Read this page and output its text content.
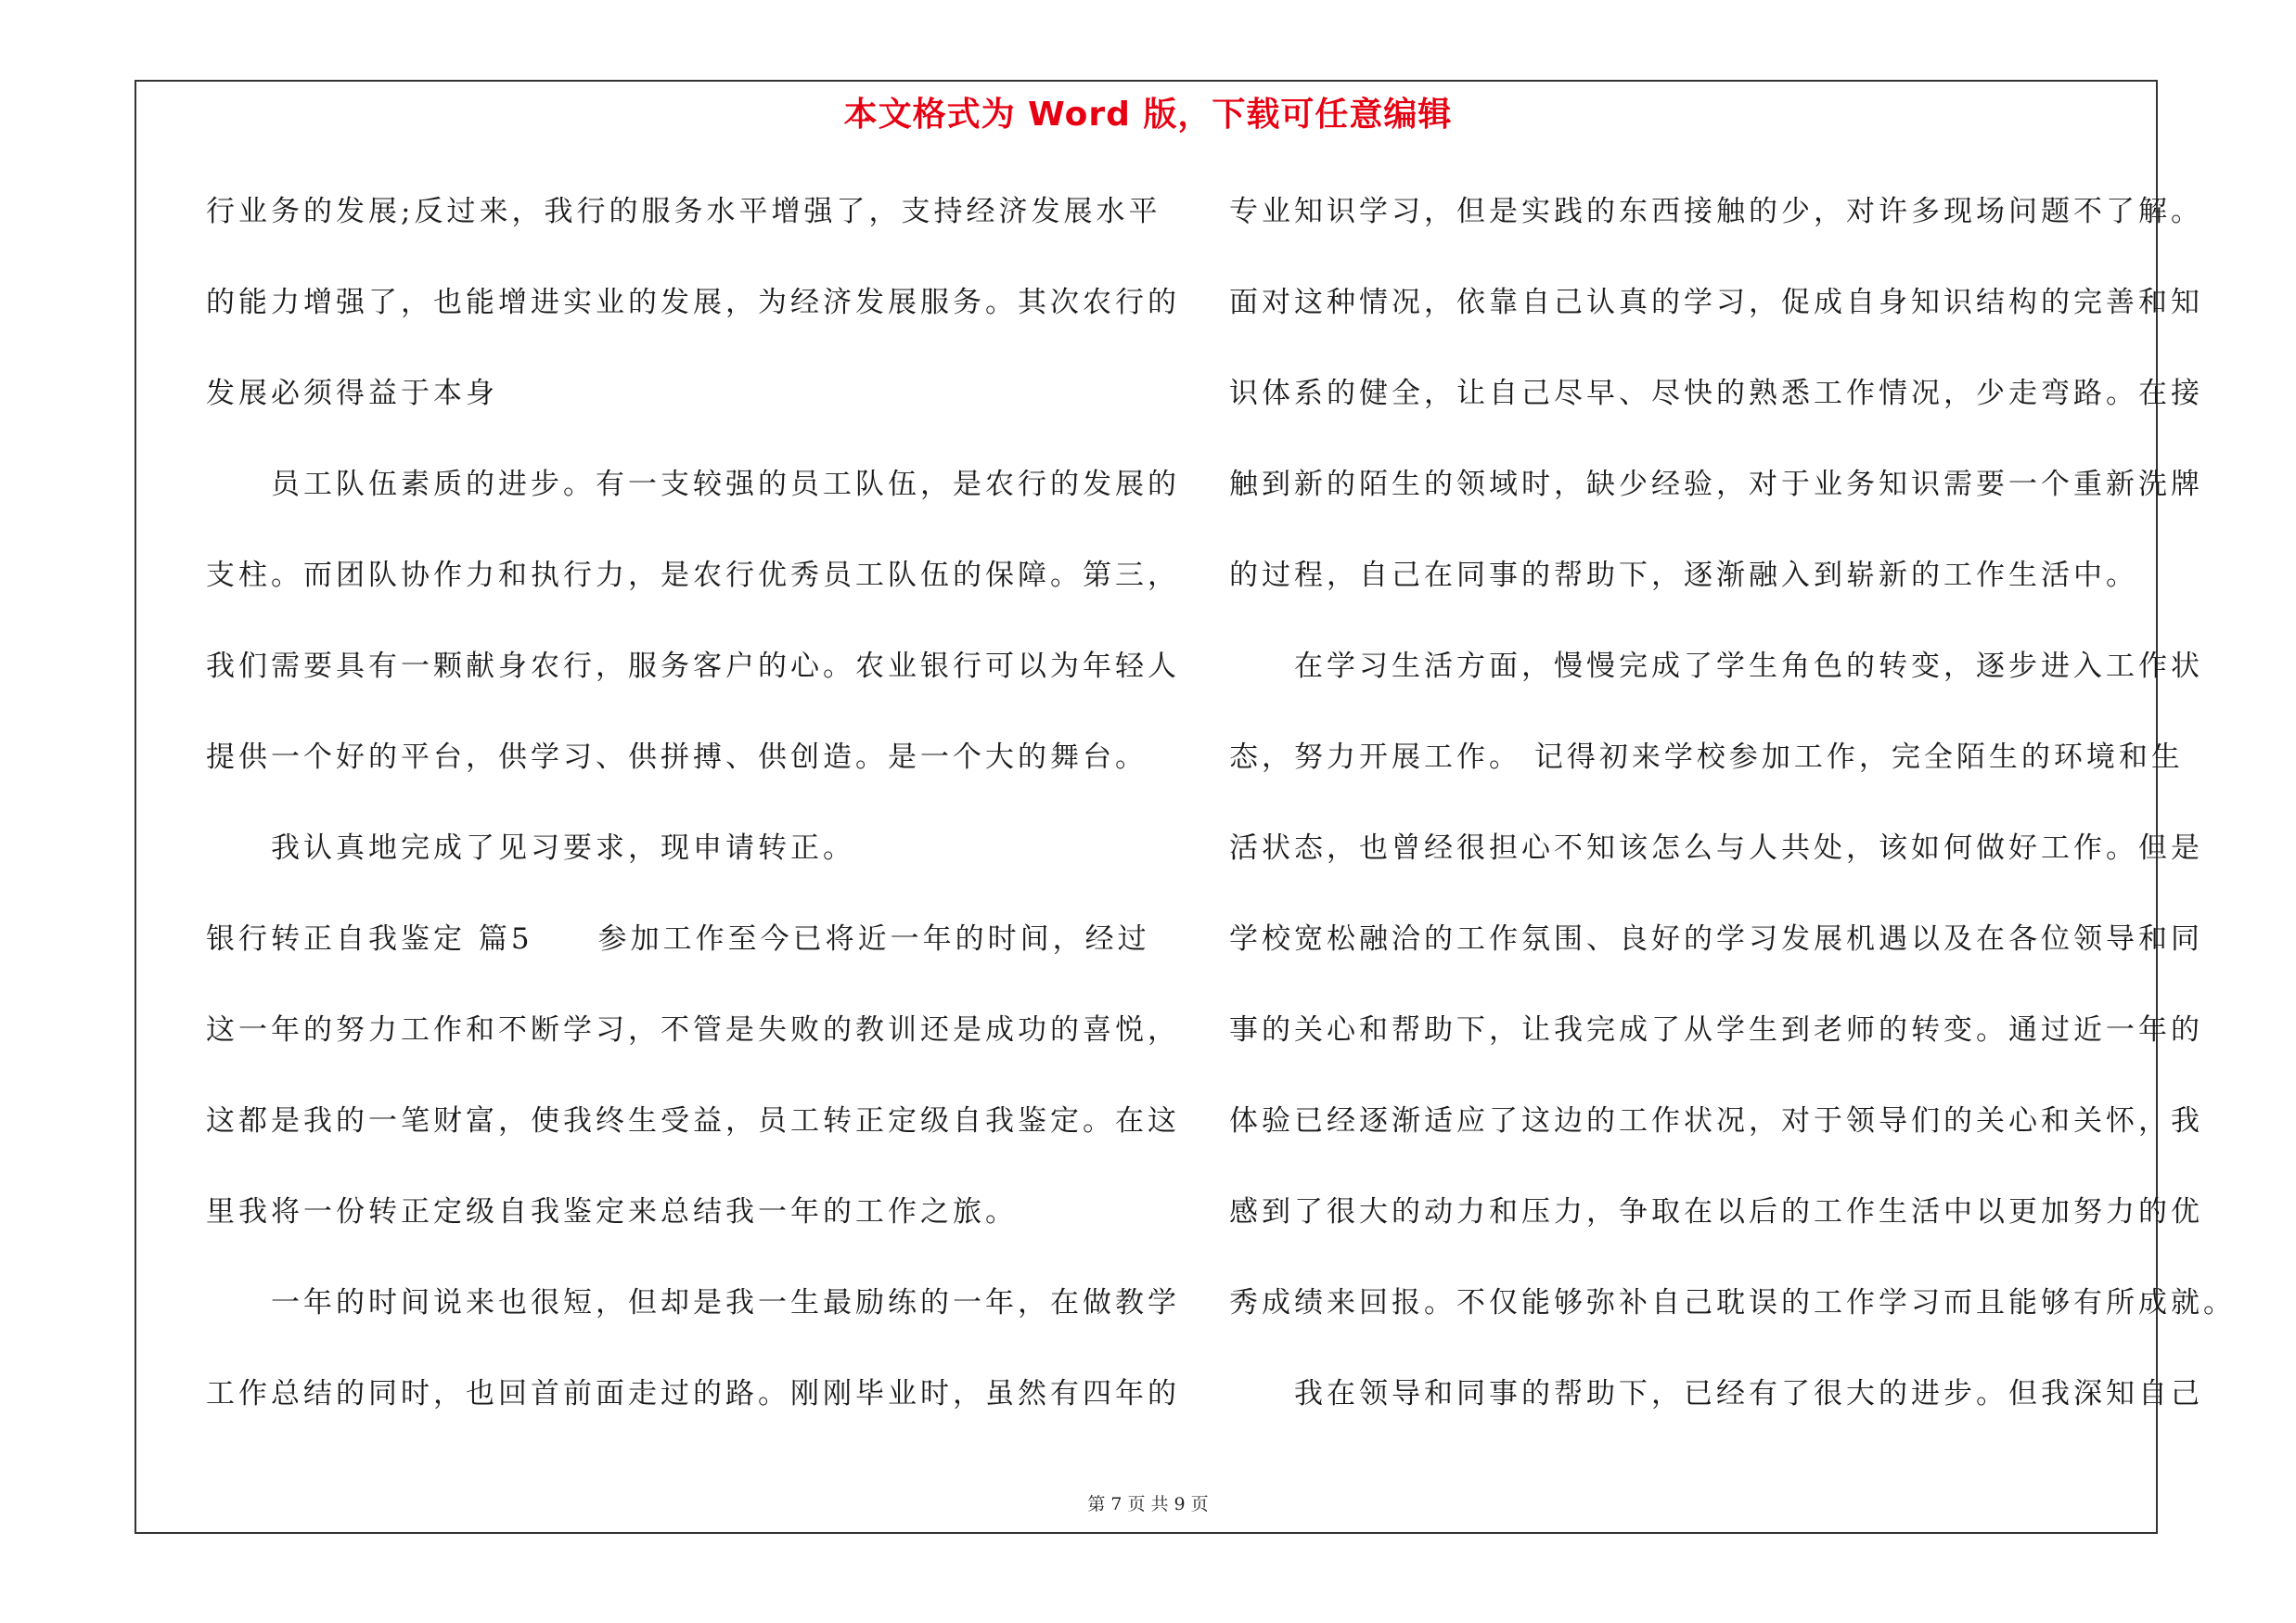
本文格式为 Word 版，下载可任意编辑
行业务的发展;反过来，我行的服务水平增强了，支持经济发展水平
的能力增强了，也能增进实业的发展，为经济发展服务。其次农行的
发展必须得益于本身
　　员工队伍素质的进步。有一支较强的员工队伍，是农行的发展的
支柱。而团队协作力和执行力，是农行优秀员工队伍的保障。第三，
我们需要具有一颗献身农行，服务客户的心。农业银行可以为年轻人
提供一个好的平台，供学习、供拼搏、供创造。是一个大的舞台。
　　我认真地完成了见习要求，现申请转正。
银行转正自我鉴定 篇5　　参加工作至今已将近一年的时间，经过
这一年的努力工作和不断学习，不管是失败的教训还是成功的喜悦，
这都是我的一笔财富，使我终生受益，员工转正定级自我鉴定。在这
里我将一份转正定级自我鉴定来总结我一年的工作之旅。
　　一年的时间说来也很短，但却是我一生最励练的一年，在做教学
工作总结的同时，也回首前面走过的路。刚刚毕业时，虽然有四年的
专业知识学习，但是实践的东西接触的少，对许多现场问题不了解。
面对这种情况，依靠自己认真的学习，促成自身知识结构的完善和知
识体系的健全，让自己尽早、尽快的熟悉工作情况，少走弯路。在接
触到新的陌生的领域时，缺少经验，对于业务知识需要一个重新洗牌
的过程，自己在同事的帮助下，逐渐融入到崭新的工作生活中。
　　在学习生活方面，慢慢完成了学生角色的转变，逐步进入工作状
态，努力开展工作。 记得初来学校参加工作，完全陌生的环境和生
活状态，也曾经很担心不知该怎么与人共处，该如何做好工作。但是
学校宽松融洽的工作氛围、良好的学习发展机遇以及在各位领导和同
事的关心和帮助下，让我完成了从学生到老师的转变。通过近一年的
体验已经逐渐适应了这边的工作状况，对于领导们的关心和关怀，我
感到了很大的动力和压力，争取在以后的工作生活中以更加努力的优
秀成绩来回报。不仅能够弥补自己耽误的工作学习而且能够有所成就。
　　我在领导和同事的帮助下，已经有了很大的进步。但我深知自己
第 7 页 共 9 页
